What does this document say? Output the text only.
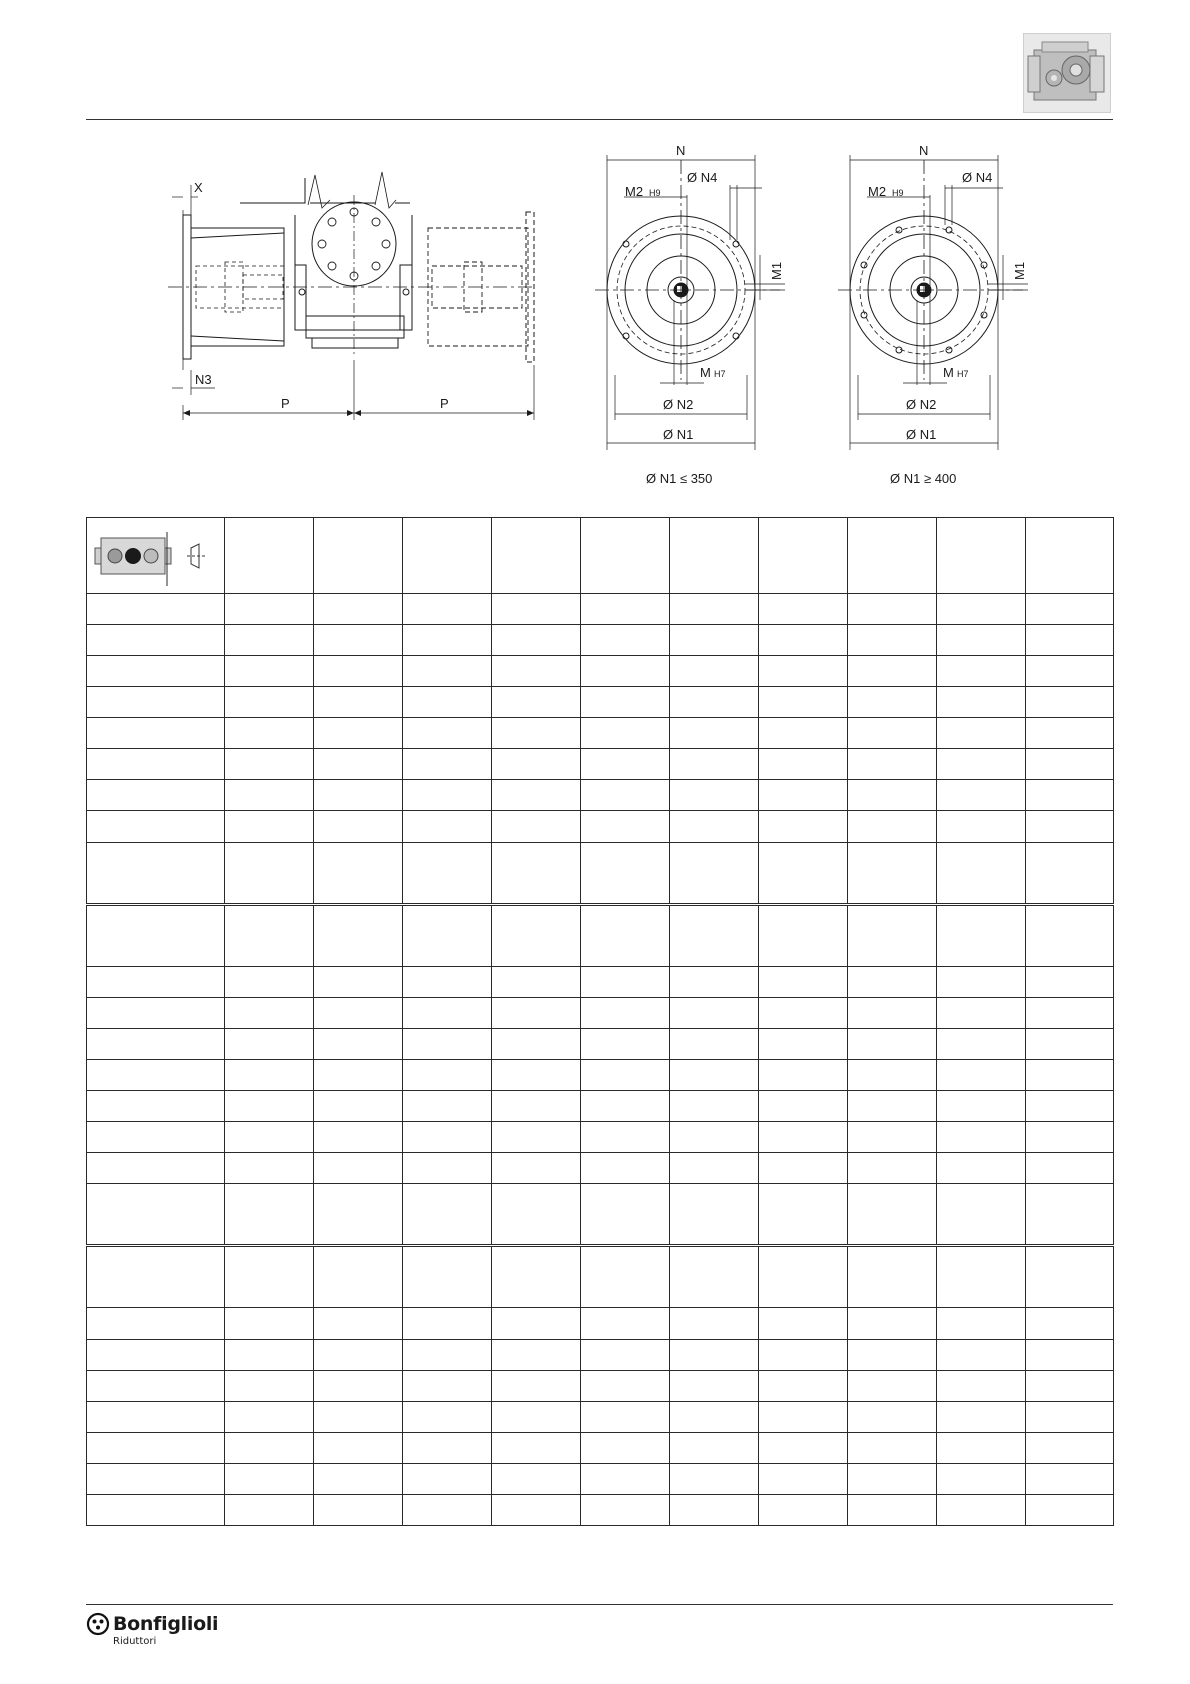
X
N3
P	P
N
Ø N4
M2 H9
M1
M H7
Ø N2
Ø N1
N
Ø N4
M2 H9
M1
M H7
Ø N2
Ø N1
Ø N1 ≤ 350	Ø N1 ≥ 400

Bonfiglioli
Riduttori
